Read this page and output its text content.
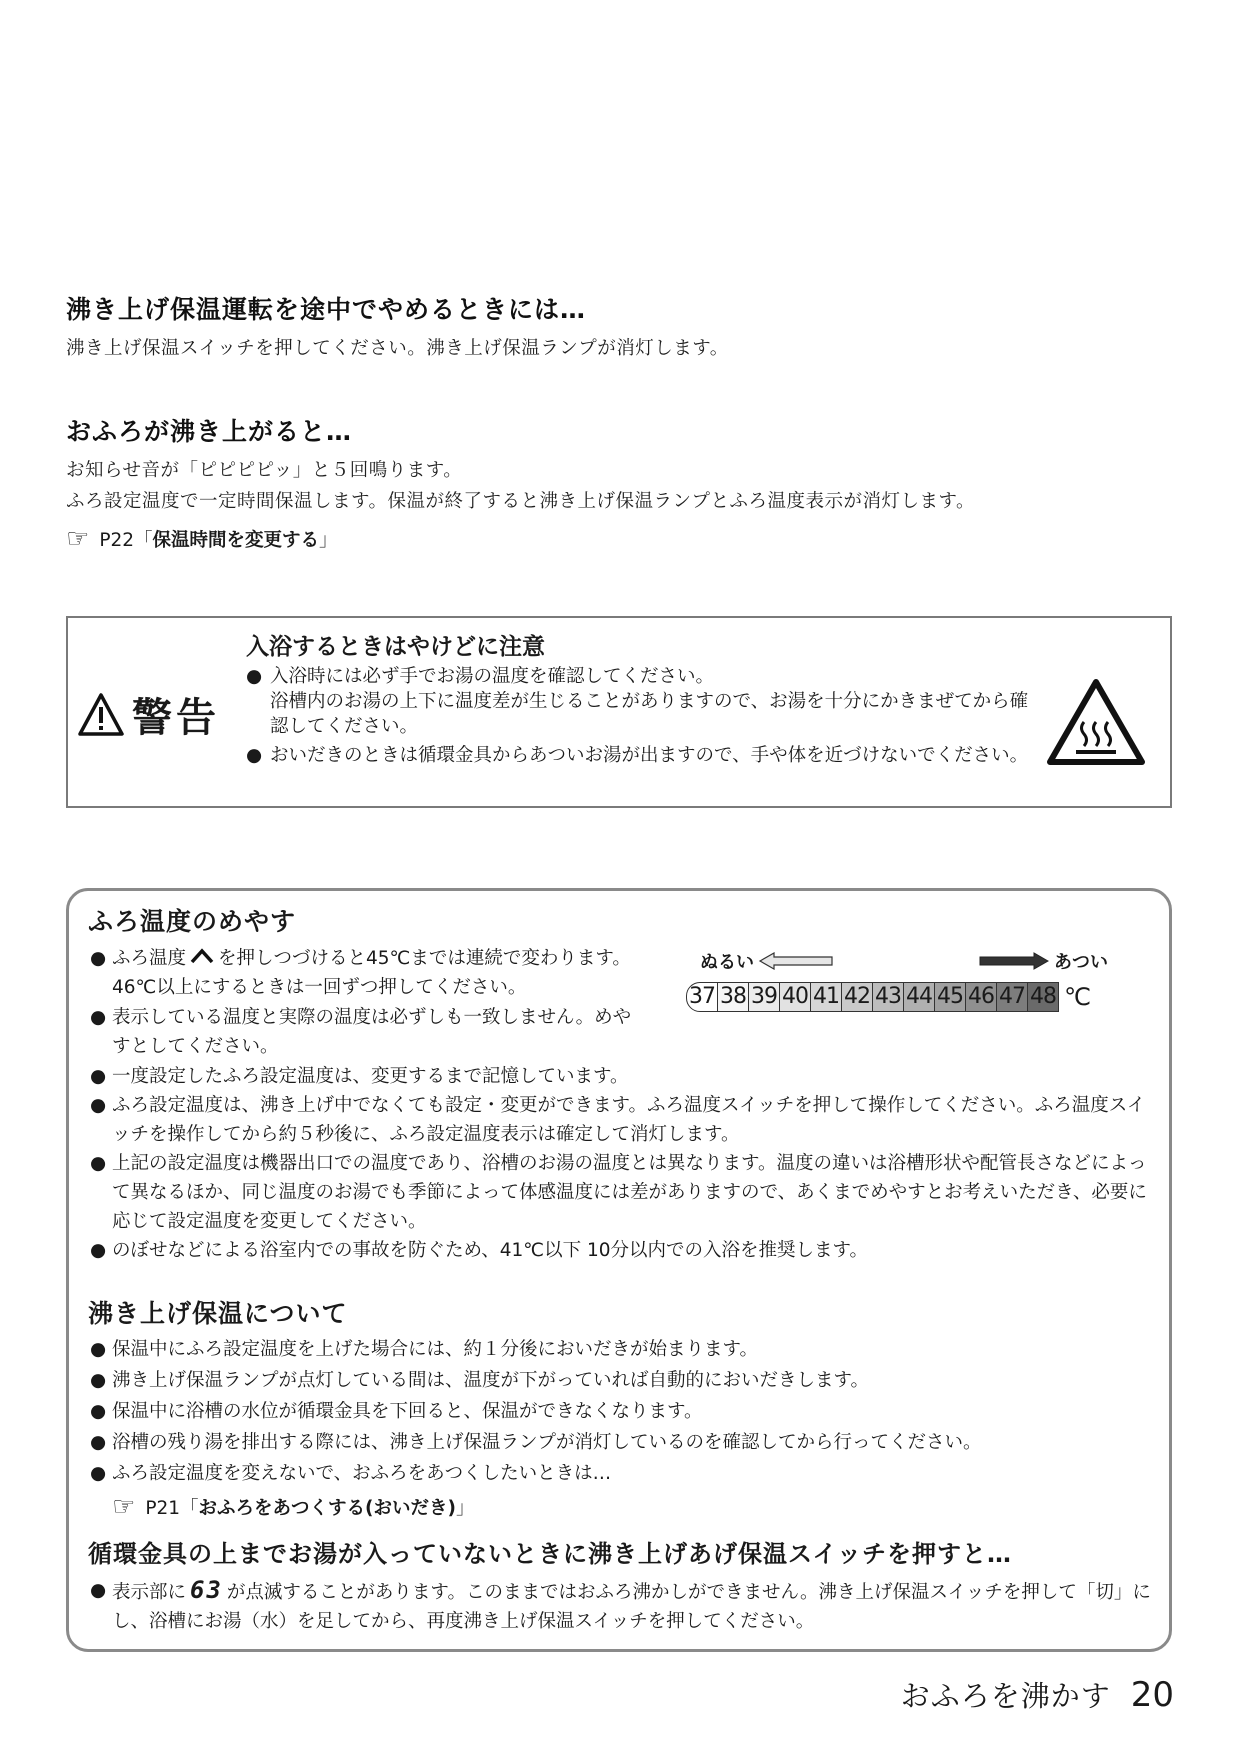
沸き上げ保温運転を途中でやめるときには…
沸き上げ保温スイッチを押してください。沸き上げ保温ランプが消灯します。
おふろが沸き上がると…
お知らせ音が「ピピピピッ」と５回鳴ります。
ふろ設定温度で一定時間保温します。保温が終了すると沸き上げ保温ランプとふろ温度表示が消灯します。
☞ P22「保温時間を変更する」
警告
入浴するときはやけどに注意
● 入浴時には必ず手でお湯の温度を確認してください。
浴槽内のお湯の上下に温度差が生じることがありますので、お湯を十分にかきまぜてから確認してください。
● おいだきのときは循環金具からあついお湯が出ますので、手や体を近づけないでください。
ふろ温度のめやす
● ふろ温度 を押しつづけると45℃までは連続で変わります。46℃以上にするときは一回ずつ押してください。
● 表示している温度と実際の温度は必ずしも一致しません。めやすとしてください。
ぬるい	あつい
37 38 39 40 41 42 43 44 45 46 47 48 ℃
● 一度設定したふろ設定温度は、変更するまで記憶しています。
● ふろ設定温度は、沸き上げ中でなくても設定・変更ができます。ふろ温度スイッチを押して操作してください。ふろ温度スイッチを操作してから約５秒後に、ふろ設定温度表示は確定して消灯します。
● 上記の設定温度は機器出口での温度であり、浴槽のお湯の温度とは異なります。温度の違いは浴槽形状や配管長さなどによって異なるほか、同じ温度のお湯でも季節によって体感温度には差がありますので、あくまでめやすとお考えいただき、必要に応じて設定温度を変更してください。
● のぼせなどによる浴室内での事故を防ぐため、41℃以下 10分以内での入浴を推奨します。
沸き上げ保温について
● 保温中にふろ設定温度を上げた場合には、約１分後においだきが始まります。
● 沸き上げ保温ランプが点灯している間は、温度が下がっていれば自動的においだきします。
● 保温中に浴槽の水位が循環金具を下回ると、保温ができなくなります。
● 浴槽の残り湯を排出する際には、沸き上げ保温ランプが消灯しているのを確認してから行ってください。
● ふろ設定温度を変えないで、おふろをあつくしたいときは…
☞ P21「おふろをあつくする(おいだき)」
循環金具の上までお湯が入っていないときに沸き上げあげ保温スイッチを押すと…
● 表示部に 63 が点滅することがあります。このままではおふろ沸かしができません。沸き上げ保温スイッチを押して「切」にし、浴槽にお湯（水）を足してから、再度沸き上げ保温スイッチを押してください。
おふろを沸かす 20
